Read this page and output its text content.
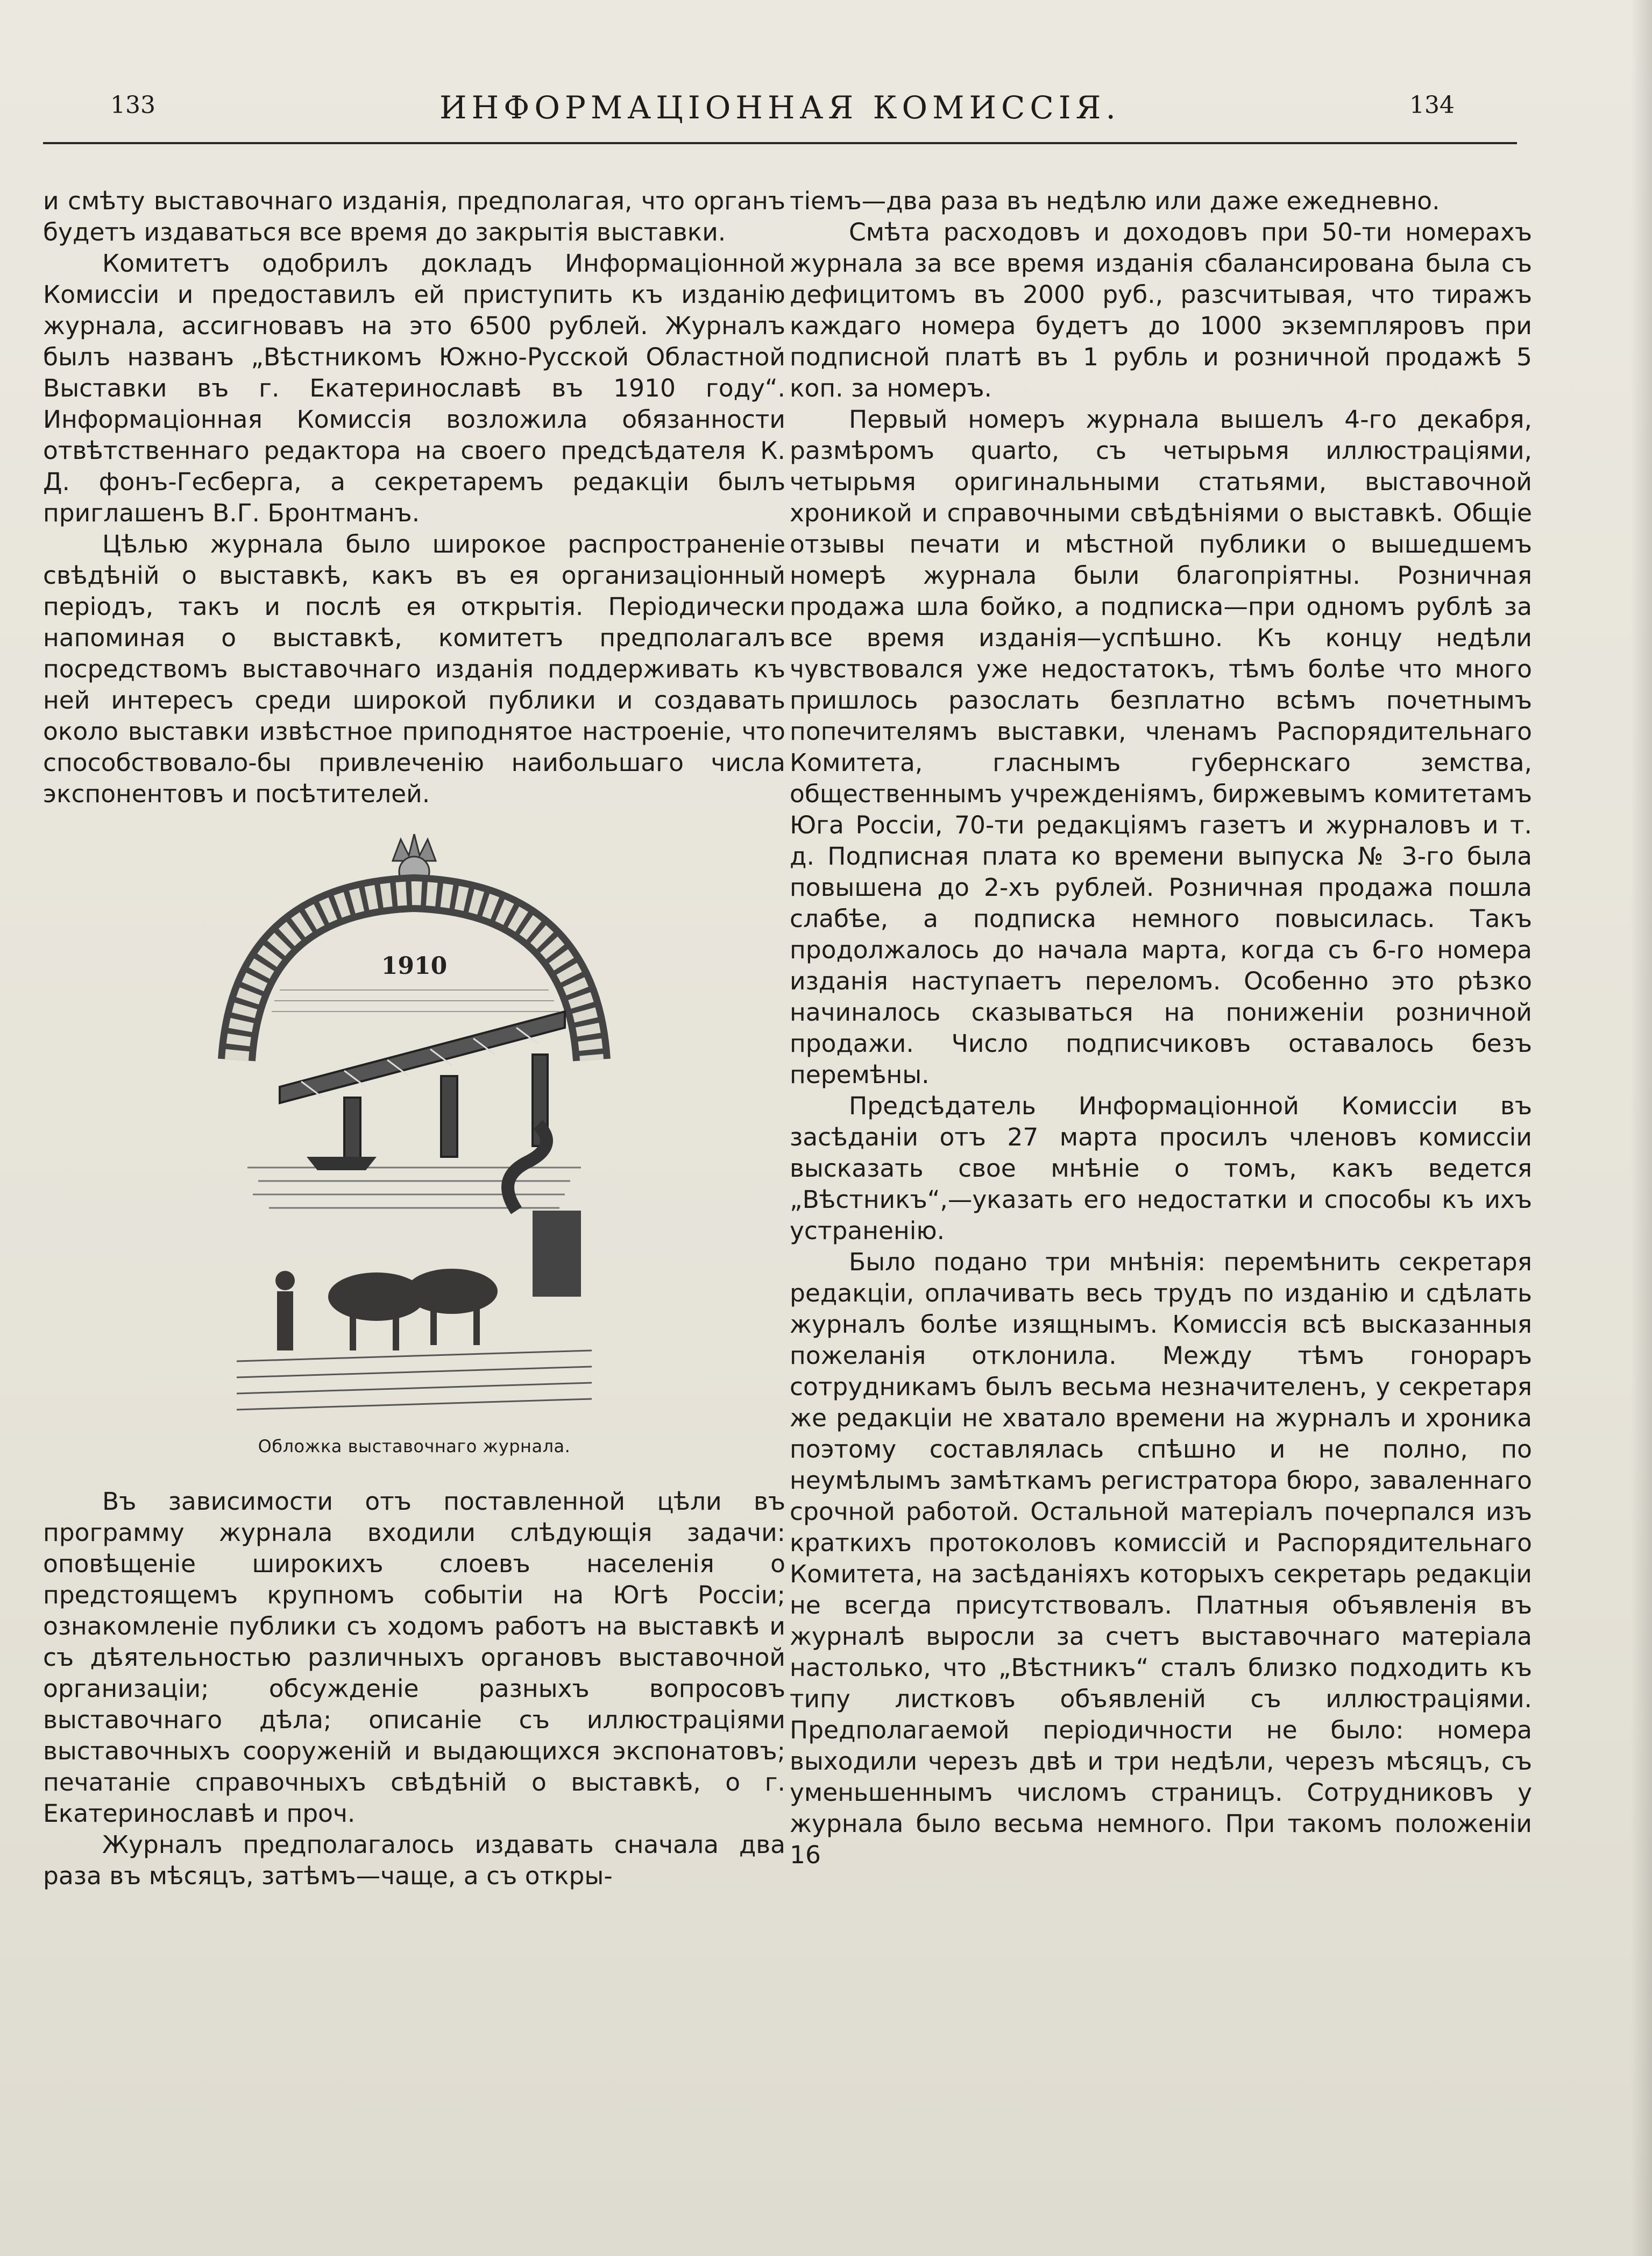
133	ИНФОРМАЦIОННАЯ КОМИССIЯ.	134

и смѣту выставочнаго изданія, предполагая, что органъ будетъ издаваться все время до закрытія выставки.

Комитетъ одобрилъ докладъ Информаціонной Комиссіи и предоставилъ ей приступить къ изданію журнала, ассигновавъ на это 6500 рублей. Журналъ былъ названъ „Вѣстникомъ Южно-Русской Областной Выставки въ г. Екатеринославѣ въ 1910 году“. Информаціонная Комиссія возложила обязанности отвѣтственнаго редактора на своего предсѣдателя К. Д. фонъ-Гесберга, а секретаремъ редакціи былъ приглашенъ В.Г. Бронтманъ.

Цѣлью журнала было широкое распространеніе свѣдѣній о выставкѣ, какъ въ ея организаціонный періодъ, такъ и послѣ ея открытія. Періодически напоминая о выставкѣ, комитетъ предполагалъ посредствомъ выставочнаго изданія поддерживать къ ней интересъ среди широкой публики и создавать около выставки извѣстное приподнятое настроеніе, что способствовало-бы привлеченію наибольшаго числа экспонентовъ и посѣтителей.

1910
Обложка выставочнаго журнала.

Въ зависимости отъ поставленной цѣли въ программу журнала входили слѣдующія задачи: оповѣщеніе широкихъ слоевъ населенія о предстоящемъ крупномъ событіи на Югѣ Россіи; ознакомленіе публики съ ходомъ работъ на выставкѣ и съ дѣятельностью различныхъ органовъ выставочной организаціи; обсужденіе разныхъ вопросовъ выставочнаго дѣла; описаніе съ иллюстраціями выставочныхъ сооруженій и выдающихся экспонатовъ; печатаніе справочныхъ свѣдѣній о выставкѣ, о г. Екатеринославѣ и проч.

Журналъ предполагалось издавать сначала два раза въ мѣсяцъ, затѣмъ—чаще, а съ откры-

тіемъ—два раза въ недѣлю или даже ежедневно.

Смѣта расходовъ и доходовъ при 50-ти номерахъ журнала за все время изданія сбалансирована была съ дефицитомъ въ 2000 руб., разсчитывая, что тиражъ каждаго номера будетъ до 1000 экземпляровъ при подписной платѣ въ 1 рубль и розничной продажѣ 5 коп. за номеръ.

Первый номеръ журнала вышелъ 4-го декабря, размѣромъ quarto, съ четырьмя иллюстраціями, четырьмя оригинальными статьями, выставочной хроникой и справочными свѣдѣніями о выставкѣ. Общіе отзывы печати и мѣстной публики о вышедшемъ номерѣ журнала были благопріятны. Розничная продажа шла бойко, а подписка—при одномъ рублѣ за все время изданія—успѣшно. Къ концу недѣли чувствовался уже недостатокъ, тѣмъ болѣе что много пришлось разослать безплатно всѣмъ почетнымъ попечителямъ выставки, членамъ Распорядительнаго Комитета, гласнымъ губернскаго земства, общественнымъ учрежденіямъ, биржевымъ комитетамъ Юга Россіи, 70-ти редакціямъ газетъ и журналовъ и т. д. Подписная плата ко времени выпуска № 3-го была повышена до 2-хъ рублей. Розничная продажа пошла слабѣе, а подписка немного повысилась. Такъ продолжалось до начала марта, когда съ 6-го номера изданія наступаетъ переломъ. Особенно это рѣзко начиналось сказываться на пониженіи розничной продажи. Число подписчиковъ оставалось безъ перемѣны.

Предсѣдатель Информаціонной Комиссіи въ засѣданіи отъ 27 марта просилъ членовъ комиссіи высказать свое мнѣніе о томъ, какъ ведется „Вѣстникъ“,—указать его недостатки и способы къ ихъ устраненію.

Было подано три мнѣнія: перемѣнить секретаря редакціи, оплачивать весь трудъ по изданію и сдѣлать журналъ болѣе изящнымъ. Комиссія всѣ высказанныя пожеланія отклонила. Между тѣмъ гонораръ сотрудникамъ былъ весьма незначителенъ, у секретаря же редакціи не хватало времени на журналъ и хроника поэтому составлялась спѣшно и не полно, по неумѣлымъ замѣткамъ регистратора бюро, заваленнаго срочной работой. Остальной матеріалъ почерпался изъ краткихъ протоколовъ комиссій и Распорядительнаго Комитета, на засѣданіяхъ которыхъ секретарь редакціи не всегда присутствовалъ. Платныя объявленія въ журналѣ выросли за счетъ выставочнаго матеріала настолько, что „Вѣстникъ“ сталъ близко подходить къ типу листковъ объявленій съ иллюстраціями. Предполагаемой періодичности не было: номера выходили черезъ двѣ и три недѣли, черезъ мѣсяцъ, съ уменьшеннымъ числомъ страницъ. Сотрудниковъ у журнала было весьма немного. При такомъ положеніи 16
